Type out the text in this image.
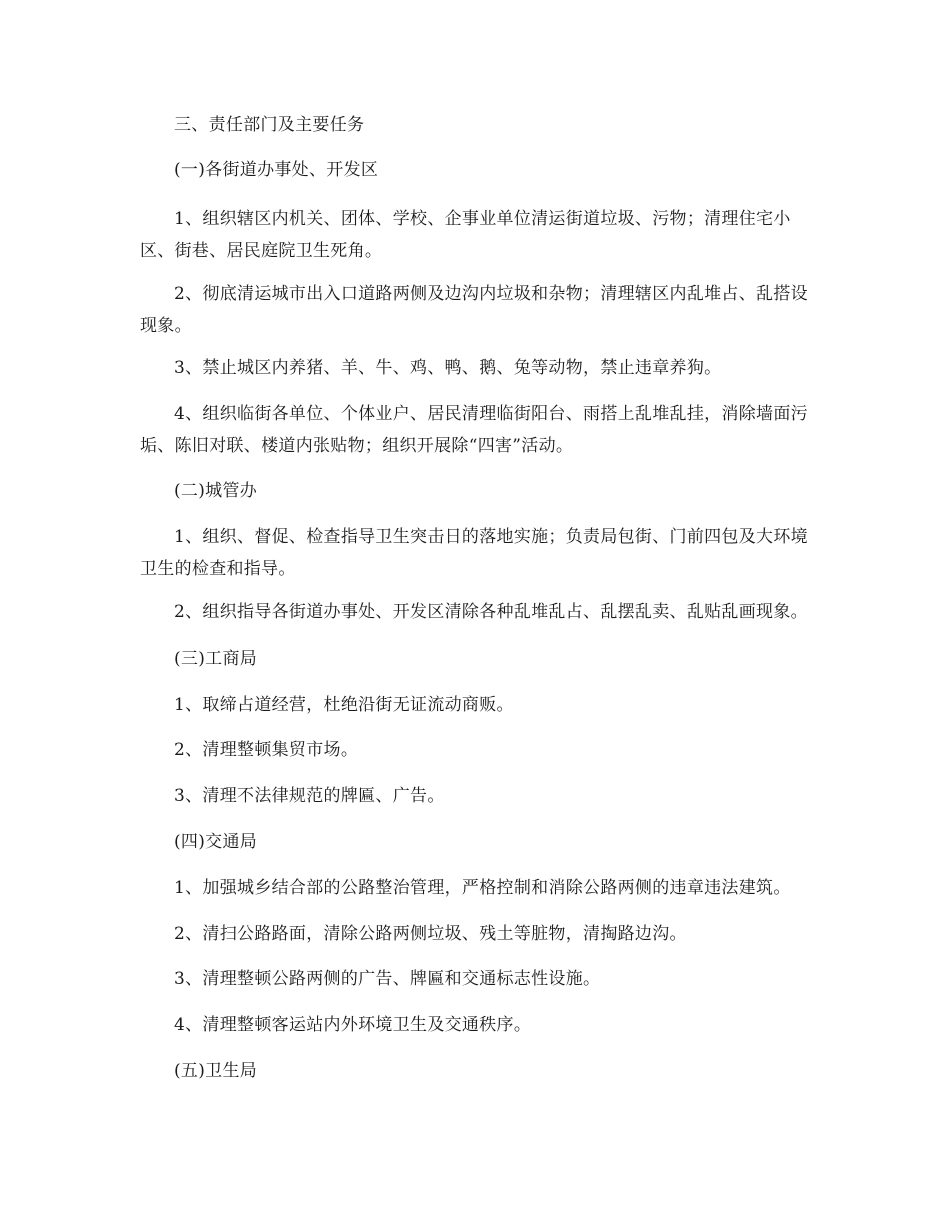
三、责任部门及主要任务

(一)各街道办事处、开发区

1、组织辖区内机关、团体、学校、企事业单位清运街道垃圾、污物；清理住宅小区、街巷、居民庭院卫生死角。

2、彻底清运城市出入口道路两侧及边沟内垃圾和杂物；清理辖区内乱堆占、乱搭设现象。

3、禁止城区内养猪、羊、牛、鸡、鸭、鹅、兔等动物，禁止违章养狗。

4、组织临街各单位、个体业户、居民清理临街阳台、雨搭上乱堆乱挂，消除墙面污垢、陈旧对联、楼道内张贴物；组织开展除“四害”活动。

(二)城管办

1、组织、督促、检查指导卫生突击日的落地实施；负责局包街、门前四包及大环境卫生的检查和指导。

2、组织指导各街道办事处、开发区清除各种乱堆乱占、乱摆乱卖、乱贴乱画现象。

(三)工商局

1、取缔占道经营，杜绝沿街无证流动商贩。

2、清理整顿集贸市场。

3、清理不法律规范的牌匾、广告。

(四)交通局

1、加强城乡结合部的公路整治管理，严格控制和消除公路两侧的违章违法建筑。

2、清扫公路路面，清除公路两侧垃圾、残土等脏物，清掏路边沟。

3、清理整顿公路两侧的广告、牌匾和交通标志性设施。

4、清理整顿客运站内外环境卫生及交通秩序。

(五)卫生局
